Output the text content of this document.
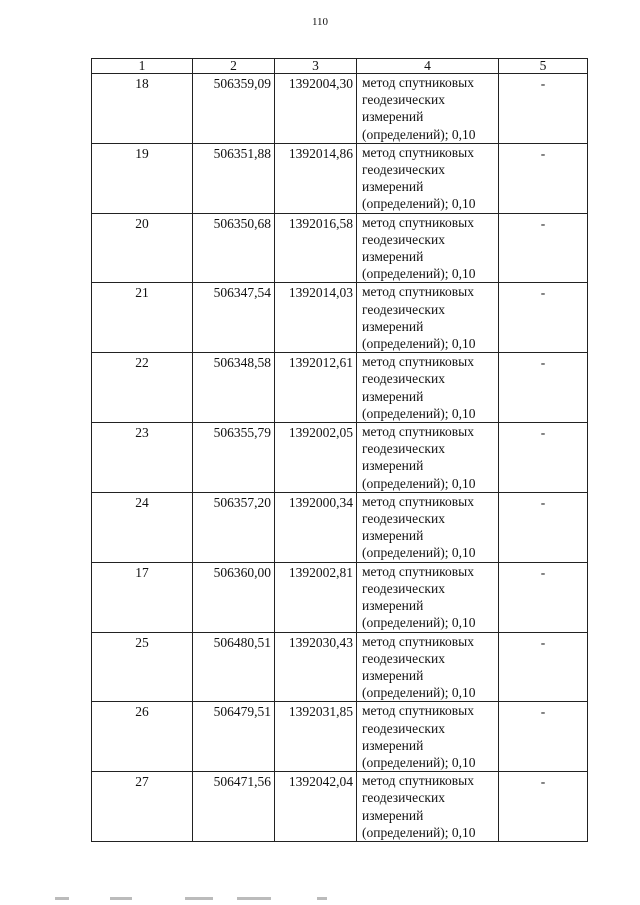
110
1	2	3	4	5

18	506359,09	1392004,30	метод спутниковых
геодезических
измерений
(определений); 0,10	-

19	506351,88	1392014,86	метод спутниковых
геодезических
измерений
(определений); 0,10	-

20	506350,68	1392016,58	метод спутниковых
геодезических
измерений
(определений); 0,10	-

21	506347,54	1392014,03	метод спутниковых
геодезических
измерений
(определений); 0,10	-

22	506348,58	1392012,61	метод спутниковых
геодезических
измерений
(определений); 0,10	-

23	506355,79	1392002,05	метод спутниковых
геодезических
измерений
(определений); 0,10	-

24	506357,20	1392000,34	метод спутниковых
геодезических
измерений
(определений); 0,10	-

17	506360,00	1392002,81	метод спутниковых
геодезических
измерений
(определений); 0,10	-

25	506480,51	1392030,43	метод спутниковых
геодезических
измерений
(определений); 0,10	-

26	506479,51	1392031,85	метод спутниковых
геодезических
измерений
(определений); 0,10	-

27	506471,56	1392042,04	метод спутниковых
геодезических
измерений
(определений); 0,10	-
